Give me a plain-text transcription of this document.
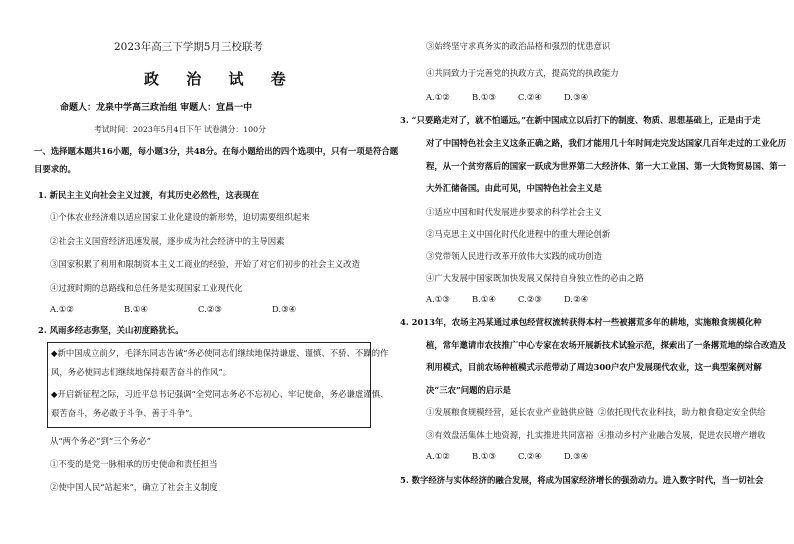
2023年高三下学期5月三校联考
政 治 试 卷
命题人：龙泉中学高三政治组 审题人：宜昌一中
考试时间：2023年5月4日下午 试卷满分：100分
一、选择题本题共16小题，每小题3分，共48分。在每小题给出的四个选项中，只有一项是符合题
目要求的。
1. 新民主主义向社会主义过渡，有其历史必然性，这表现在
①个体农业经济难以适应国家工业化建设的新形势，迫切需要组织起来
②社会主义国营经济迅速发展，逐步成为社会经济中的主导因素
③国家积累了利用和限制资本主义工商业的经验，开始了对它们初步的社会主义改造
④过渡时期的总路线和总任务是实现国家工业现代化
A.①②	B.①④	C.②③	D.③④
2. 风雨多经志弥坚，关山初度路犹长。
◆新中国成立前夕，毛泽东同志告诫“务必使同志们继续地保持谦虚、谨慎、不骄、不躁的作
风，务必使同志们继续地保持艰苦奋斗的作风”。
◆开启新征程之际，习近平总书记强调“全党同志务必不忘初心、牢记使命，务必谦虚谨慎、
艰苦奋斗，务必敢于斗争、善于斗争”。
从“两个务必”到“三个务必”
①不变的是党一脉相承的历史使命和责任担当
②使中国人民“站起来”，确立了社会主义制度
③始终坚守求真务实的政治品格和强烈的忧患意识
④共同致力于完善党的执政方式，提高党的执政能力
A.①②	B.①③	C.②④	D.③④
3. “只要路走对了，就不怕遥远。”在新中国成立以后打下的制度、物质、思想基础上，正是由于走
对了中国特色社会主义这条正确之路，我们才能用几十年时间走完发达国家几百年走过的工业化历
程，从一个贫穷落后的国家一跃成为世界第二大经济体、第一大工业国、第一大货物贸易国、第一
大外汇储备国。由此可见，中国特色社会主义是
①适应中国和时代发展进步要求的科学社会主义
②马克思主义中国化时代化进程中的重大理论创新
③党带领人民进行改革开放伟大实践的成功创造
④广大发展中国家既加快发展又保持自身独立性的必由之路
A.①③	B.①④	C.②③	D.②④
4. 2013年，农场主冯某通过承包经营权流转获得本村一些被撂荒多年的耕地，实施粮食规模化种
植，常年邀请市农技推广中心专家在农场开展新技术试验示范，探索出了一条撂荒地的综合改造及
利用模式，目前农场种植模式示范带动了周边300户农户发展现代农业，这一典型案例对解
决“三农”问题的启示是
①发展粮食规模经营，延长农业产业链供应链 ②依托现代农业科技，助力粮食稳定安全供给
③有效盘活集体土地资源，扎实推进共同富裕 ④推动乡村产业融合发展，促进农民增产增收
A.①②	B.①③	C.②④	D.③④
5. 数字经济与实体经济的融合发展，将成为国家经济增长的强劲动力。进入数字时代，当一切社会
